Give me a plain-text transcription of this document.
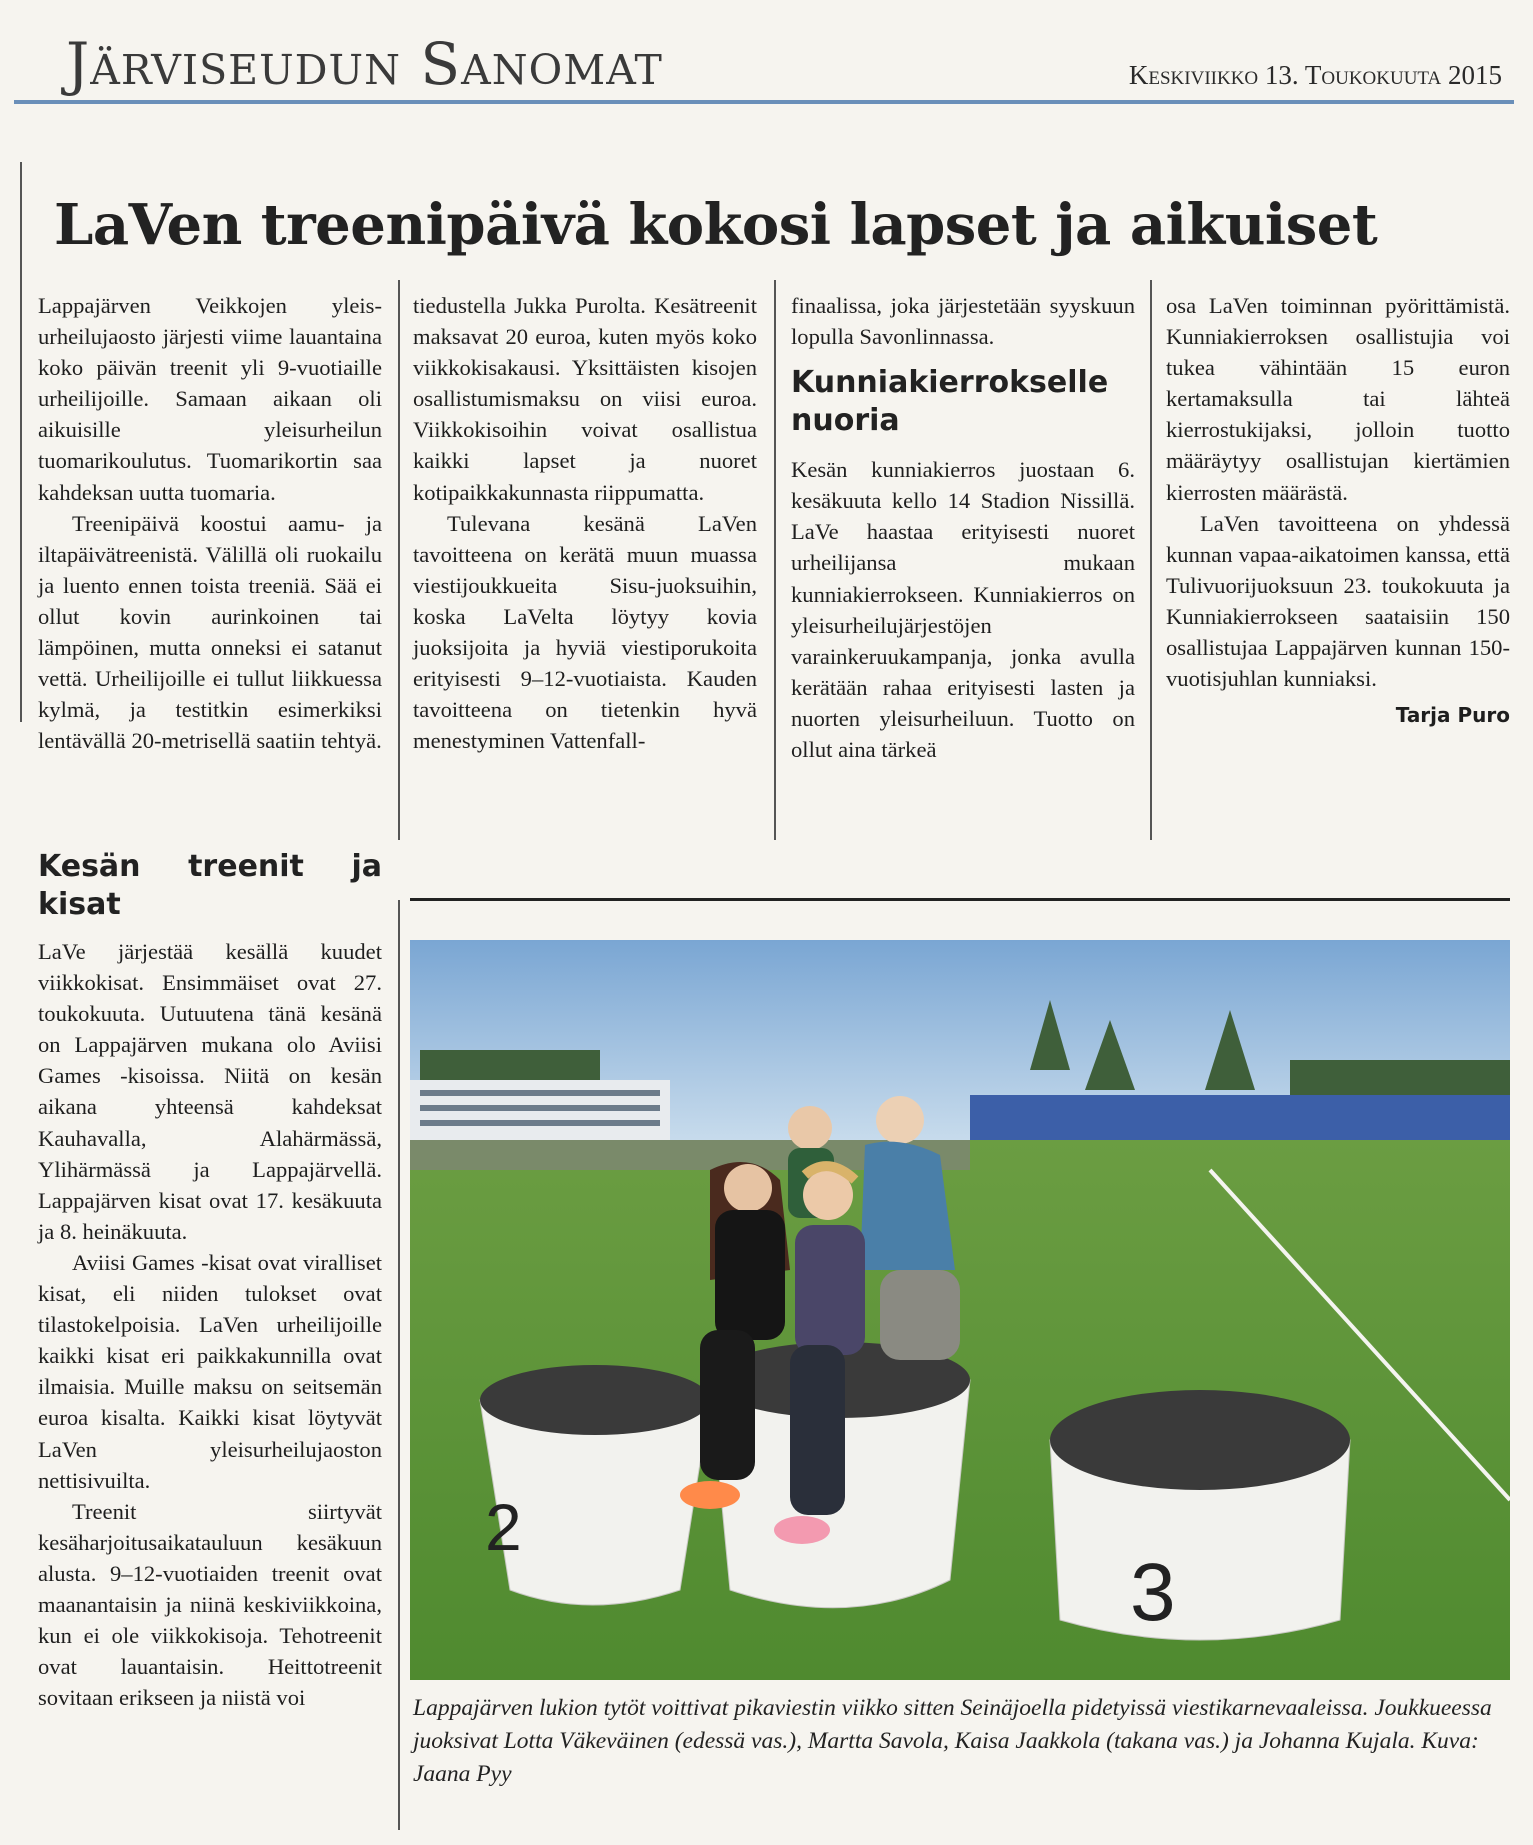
Järviseudun Sanomat	Keskiviikko 13. Toukokuuta 2015
LaVen treenipäivä kokosi lapset ja aikuiset

Lappajärven Veikkojen yleis-urheilujaosto järjesti viime lauantaina koko päivän treenit yli 9-vuotiaille urheilijoille. Samaan aikaan oli aikuisille yleisurheilun tuomarikoulutus. Tuomarikortin saa kahdeksan uutta tuomaria.

Treenipäivä koostui aamu- ja iltapäivätreenistä. Välillä oli ruokailu ja luento ennen toista treeniä. Sää ei ollut kovin aurinkoinen tai lämpöinen, mutta onneksi ei satanut vettä. Urheilijoille ei tullut liikkuessa kylmä, ja testitkin esimerkiksi lentävällä 20-metrisellä saatiin tehtyä.

tiedustella Jukka Purolta. Kesätreenit maksavat 20 euroa, kuten myös koko viikkokisakausi. Yksittäisten kisojen osallistumismaksu on viisi euroa. Viikkokisoihin voivat osallistua kaikki lapset ja nuoret kotipaikkakunnasta riippumatta.

Tulevana kesänä LaVen tavoitteena on kerätä muun muassa viestijoukkueita Sisu-juoksuihin, koska LaVelta löytyy kovia juoksijoita ja hyviä viestiporukoita erityisesti 9–12-vuotiaista. Kauden tavoitteena on tietenkin hyvä menestyminen Vattenfall-

finaalissa, joka järjestetään syyskuun lopulla Savonlinnassa.

Kunniakierrokselle nuoria

Kesän kunniakierros juostaan 6. kesäkuuta kello 14 Stadion Nissillä. LaVe haastaa erityisesti nuoret urheilijansa mukaan kunniakierrokseen. Kunniakierros on yleisurheilujärjestöjen varainkeruukampanja, jonka avulla kerätään rahaa erityisesti lasten ja nuorten yleisurheiluun. Tuotto on ollut aina tärkeä

osa LaVen toiminnan pyörittämistä. Kunniakierroksen osallistujia voi tukea vähintään 15 euron kertamaksulla tai lähteä kierrostukijaksi, jolloin tuotto määräytyy osallistujan kiertämien kierrosten määrästä.

LaVen tavoitteena on yhdessä kunnan vapaa-aikatoimen kanssa, että Tulivuorijuoksuun 23. toukokuuta ja Kunniakierrokseen saataisiin 150 osallistujaa Lappajärven kunnan 150-vuotisjuhlan kunniaksi.

Tarja Puro
Kesän treenit ja kisat

LaVe järjestää kesällä kuudet viikkokisat. Ensimmäiset ovat 27. toukokuuta. Uutuutena tänä kesänä on Lappajärven mukana olo Aviisi Games -kisoissa. Niitä on kesän aikana yhteensä kahdeksat Kauhavalla, Alahärmässä, Ylihärmässä ja Lappajärvellä. Lappajärven kisat ovat 17. kesäkuuta ja 8. heinäkuuta.

Aviisi Games -kisat ovat viralliset kisat, eli niiden tulokset ovat tilastokelpoisia. LaVen urheilijoille kaikki kisat eri paikkakunnilla ovat ilmaisia. Muille maksu on seitsemän euroa kisalta. Kaikki kisat löytyvät LaVen yleisurheilujaoston nettisivuilta.

Treenit siirtyvät kesäharjoitusaikatauluun kesäkuun alusta. 9–12-vuotiaiden treenit ovat maanantaisin ja niinä keskiviikkoina, kun ei ole viikkokisoja. Tehotreenit ovat lauantaisin. Heittotreenit sovitaan erikseen ja niistä voi

2
3
Lappajärven lukion tytöt voittivat pikaviestin viikko sitten Seinäjoella pidetyissä viestikarnevaaleissa. Joukkueessa juoksivat Lotta Väkeväinen (edessä vas.), Martta Savola, Kaisa Jaakkola (takana vas.) ja Johanna Kujala. Kuva: Jaana Pyy
